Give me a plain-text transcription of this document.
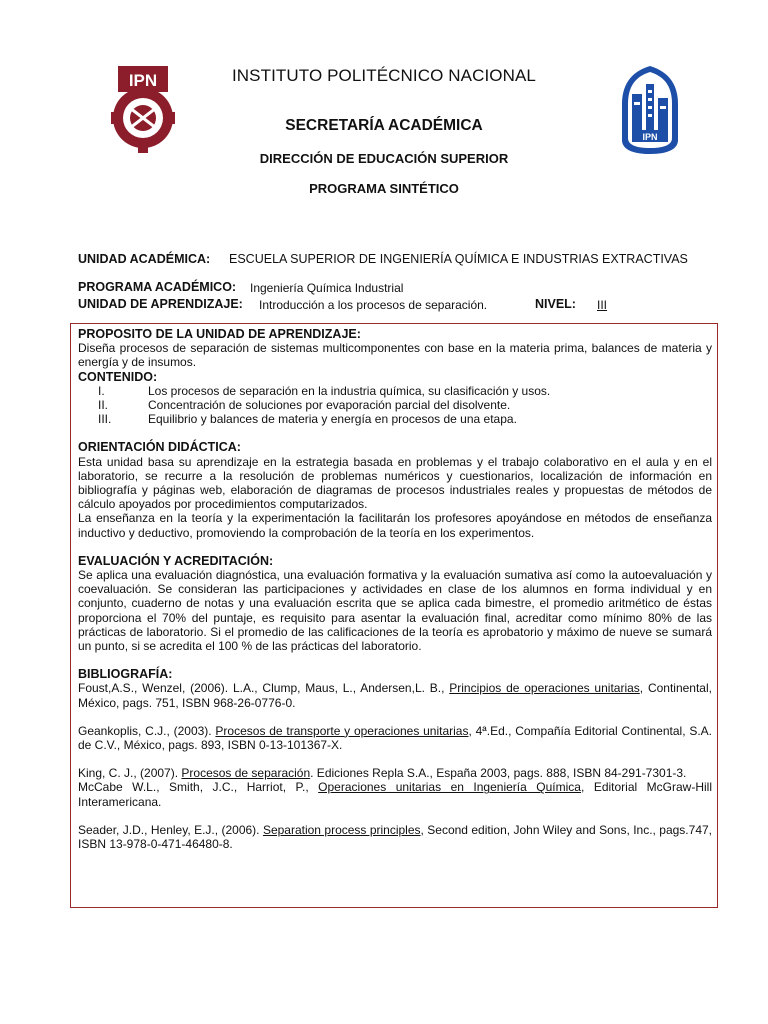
IPN
IPN
INSTITUTO POLITÉCNICO NACIONAL
SECRETARÍA ACADÉMICA
DIRECCIÓN DE EDUCACIÓN SUPERIOR
PROGRAMA SINTÉTICO
UNIDAD ACADÉMICA: ESCUELA SUPERIOR DE INGENIERÍA QUÍMICA E INDUSTRIAS EXTRACTIVAS
PROGRAMA ACADÉMICO: Ingeniería Química Industrial
UNIDAD DE APRENDIZAJE: Introducción a los procesos de separación.	NIVEL: III
PROPOSITO DE LA UNIDAD DE APRENDIZAJE:

Diseña procesos de separación de sistemas multicomponentes con base en la materia prima, balances de materia y energía y de insumos.

CONTENIDO:
I.	Los procesos de separación en la industria química, su clasificación y usos.
II.	Concentración de soluciones por evaporación parcial del disolvente.
III.	Equilibrio y balances de materia y energía en procesos de una etapa.
ORIENTACIÓN DIDÁCTICA:

Esta unidad basa su aprendizaje en la estrategia basada en problemas y el trabajo colaborativo en el aula y en el laboratorio, se recurre a la resolución de problemas numéricos y cuestionarios, localización de información en bibliografía y páginas web, elaboración de diagramas de procesos industriales reales y propuestas de métodos de cálculo apoyados por procedimientos computarizados.

La enseñanza en la teoría y la experimentación la facilitarán los profesores apoyándose en métodos de enseñanza inductivo y deductivo, promoviendo la comprobación de la teoría en los experimentos.

EVALUACIÓN Y ACREDITACIÓN:

Se aplica una evaluación diagnóstica, una evaluación formativa y la evaluación sumativa así como la autoevaluación y coevaluación. Se consideran las participaciones y actividades en clase de los alumnos en forma individual y en conjunto, cuaderno de notas y una evaluación escrita que se aplica cada bimestre, el promedio aritmético de éstas proporciona el 70% del puntaje, es requisito para asentar la evaluación final, acreditar como mínimo 80% de las prácticas de laboratorio. Si el promedio de las calificaciones de la teoría es aprobatorio y máximo de nueve se sumará un punto, si se acredita el 100 % de las prácticas del laboratorio.

BIBLIOGRAFÍA:

Foust,A.S., Wenzel, (2006). L.A., Clump, Maus, L., Andersen,L. B., Principios de operaciones unitarias, Continental, México, pags. 751, ISBN 968-26-0776-0.

Geankoplis, C.J., (2003). Procesos de transporte y operaciones unitarias, 4ª.Ed., Compañía Editorial Continental, S.A. de C.V., México, pags. 893, ISBN 0-13-101367-X.

King, C. J., (2007). Procesos de separación. Ediciones Repla S.A., España 2003, pags. 888, ISBN 84-291-7301-3.

McCabe W.L., Smith, J.C., Harriot, P., Operaciones unitarias en Ingeniería Química, Editorial McGraw-Hill Interamericana.

Seader, J.D., Henley, E.J., (2006). Separation process principles, Second edition, John Wiley and Sons, Inc., pags.747, ISBN 13-978-0-471-46480-8.
